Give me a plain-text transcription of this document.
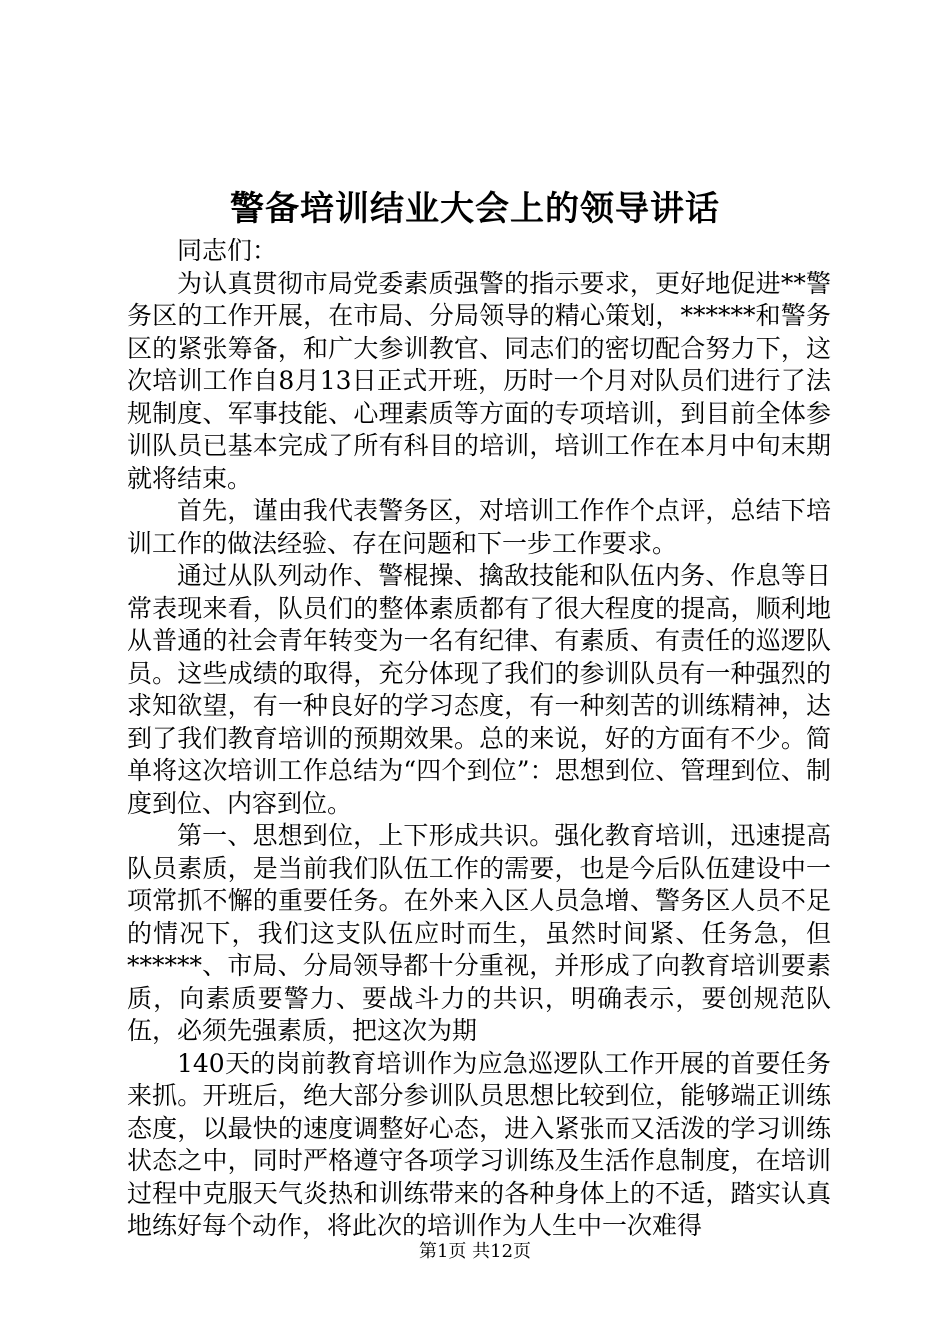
警备培训结业大会上的领导讲话

同志们：

为认真贯彻市局党委素质强警的指示要求，更好地促进**警务区的工作开展，在市局、分局领导的精心策划，******和警务区的紧张筹备，和广大参训教官、同志们的密切配合努力下，这次培训工作自8月13日正式开班，历时一个月对队员们进行了法规制度、军事技能、心理素质等方面的专项培训，到目前全体参训队员已基本完成了所有科目的培训，培训工作在本月中旬末期就将结束。

首先，谨由我代表警务区，对培训工作作个点评，总结下培训工作的做法经验、存在问题和下一步工作要求。

通过从队列动作、警棍操、擒敌技能和队伍内务、作息等日常表现来看，队员们的整体素质都有了很大程度的提高，顺利地从普通的社会青年转变为一名有纪律、有素质、有责任的巡逻队员。这些成绩的取得，充分体现了我们的参训队员有一种强烈的求知欲望，有一种良好的学习态度，有一种刻苦的训练精神，达到了我们教育培训的预期效果。总的来说，好的方面有不少。简单将这次培训工作总结为“四个到位”：思想到位、管理到位、制度到位、内容到位。

第一、思想到位，上下形成共识。强化教育培训，迅速提高队员素质，是当前我们队伍工作的需要，也是今后队伍建设中一项常抓不懈的重要任务。在外来入区人员急增、警务区人员不足的情况下，我们这支队伍应时而生，虽然时间紧、任务急，但******、市局、分局领导都十分重视，并形成了向教育培训要素质，向素质要警力、要战斗力的共识，明确表示，要创规范队伍，必须先强素质，把这次为期

140天的岗前教育培训作为应急巡逻队工作开展的首要任务来抓。开班后，绝大部分参训队员思想比较到位，能够端正训练态度，以最快的速度调整好心态，进入紧张而又活泼的学习训练状态之中，同时严格遵守各项学习训练及生活作息制度，在培训过程中克服天气炎热和训练带来的各种身体上的不适，踏实认真地练好每个动作，将此次的培训作为人生中一次难得

第1页 共12页
